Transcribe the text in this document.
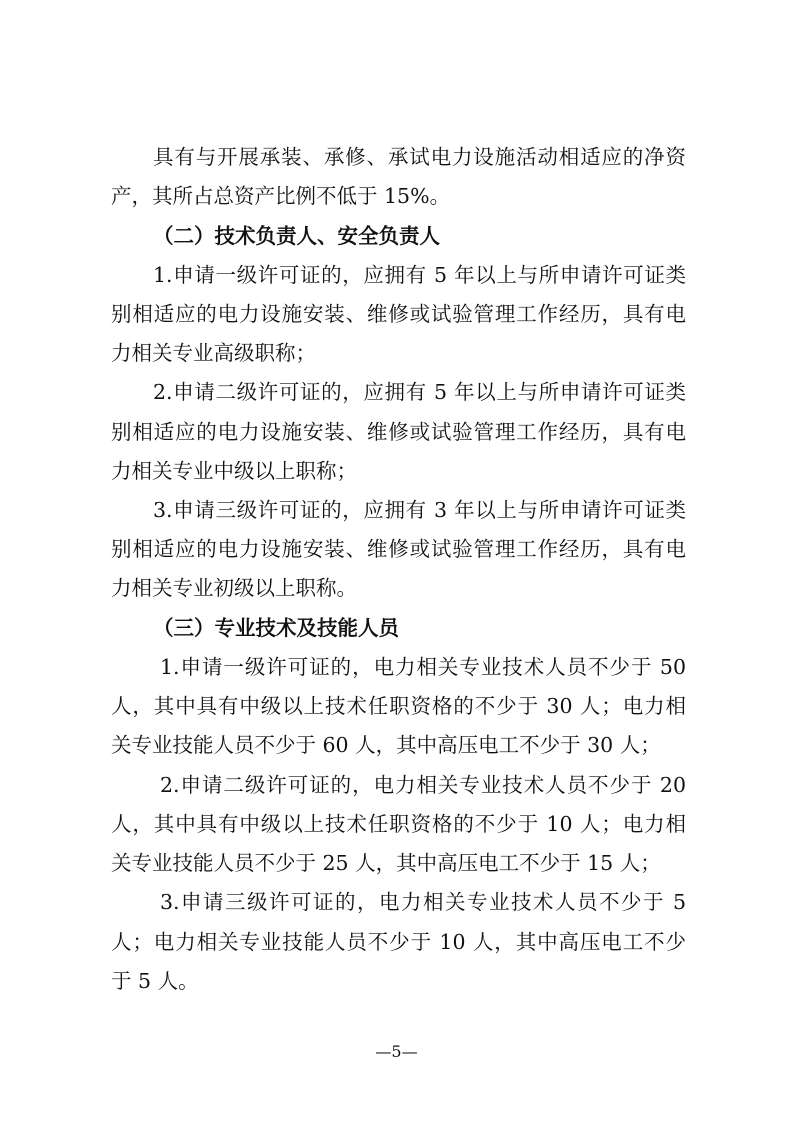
具有与开展承装、承修、承试电力设施活动相适应的净资
产，其所占总资产比例不低于 15%。
（二）技术负责人、安全负责人
1.申请一级许可证的，应拥有 5 年以上与所申请许可证类
别相适应的电力设施安装、维修或试验管理工作经历，具有电
力相关专业高级职称；
2.申请二级许可证的，应拥有 5 年以上与所申请许可证类
别相适应的电力设施安装、维修或试验管理工作经历，具有电
力相关专业中级以上职称；
3.申请三级许可证的，应拥有 3 年以上与所申请许可证类
别相适应的电力设施安装、维修或试验管理工作经历，具有电
力相关专业初级以上职称。
（三）专业技术及技能人员
1.申请一级许可证的，电力相关专业技术人员不少于 50
人，其中具有中级以上技术任职资格的不少于 30 人；电力相
关专业技能人员不少于 60 人，其中高压电工不少于 30 人；
2.申请二级许可证的，电力相关专业技术人员不少于 20
人，其中具有中级以上技术任职资格的不少于 10 人；电力相
关专业技能人员不少于 25 人，其中高压电工不少于 15 人；
3.申请三级许可证的，电力相关专业技术人员不少于 5
人；电力相关专业技能人员不少于 10 人，其中高压电工不少
于 5 人。
—5—
